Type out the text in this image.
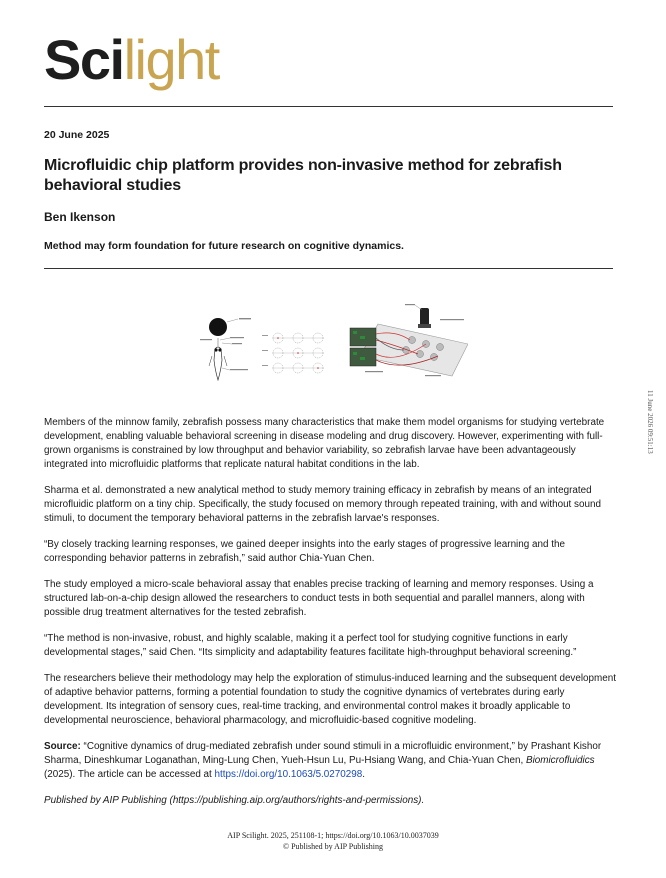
Scilight
20 June 2025
Microfluidic chip platform provides non-invasive method for zebrafish behavioral studies
Ben Ikenson
Method may form foundation for future research on cognitive dynamics.

Members of the minnow family, zebrafish possess many characteristics that make them model organisms for studying vertebrate development, enabling valuable behavioral screening in disease modeling and drug discovery. However, experimenting with full-grown organisms is constrained by low throughput and behavior variability, so zebrafish larvae have been advantageously integrated into microfluidic platforms that replicate natural habitat conditions in the lab.

Sharma et al. demonstrated a new analytical method to study memory training efficacy in zebrafish by means of an integrated microfluidic platform on a tiny chip. Specifically, the study focused on memory through repeated training, with and without sound stimuli, to document the temporary behavioral patterns in the zebrafish larvae's responses.

“By closely tracking learning responses, we gained deeper insights into the early stages of progressive learning and the corresponding behavior patterns in zebrafish,” said author Chia-Yuan Chen.

The study employed a micro-scale behavioral assay that enables precise tracking of learning and memory responses. Using a structured lab-on-a-chip design allowed the researchers to conduct tests in both sequential and parallel manners, along with possible drug treatment alternatives for the tested zebrafish.

“The method is non-invasive, robust, and highly scalable, making it a perfect tool for studying cognitive functions in early developmental stages,” said Chen. “Its simplicity and adaptability features facilitate high-throughput behavioral screening.”

The researchers believe their methodology may help the exploration of stimulus-induced learning and the subsequent development of adaptive behavior patterns, forming a potential foundation to study the cognitive dynamics of vertebrates during early development. Its integration of sensory cues, real-time tracking, and environmental control makes it broadly applicable to developmental neuroscience, behavioral pharmacology, and microfluidic-based cognitive modeling.

Source: “Cognitive dynamics of drug-mediated zebrafish under sound stimuli in a microfluidic environment,” by Prashant Kishor Sharma, Dineshkumar Loganathan, Ming-Lung Chen, Yueh-Hsun Lu, Pu-Hsiang Wang, and Chia-Yuan Chen, Biomicrofluidics (2025). The article can be accessed at https://doi.org/10.1063/5.0270298.

Published by AIP Publishing (https://publishing.aip.org/authors/rights-and-permissions).

AIP Scilight. 2025, 251108-1; https://doi.org/10.1063/10.0037039
© Published by AIP Publishing
11 June 2026 09:51:13
